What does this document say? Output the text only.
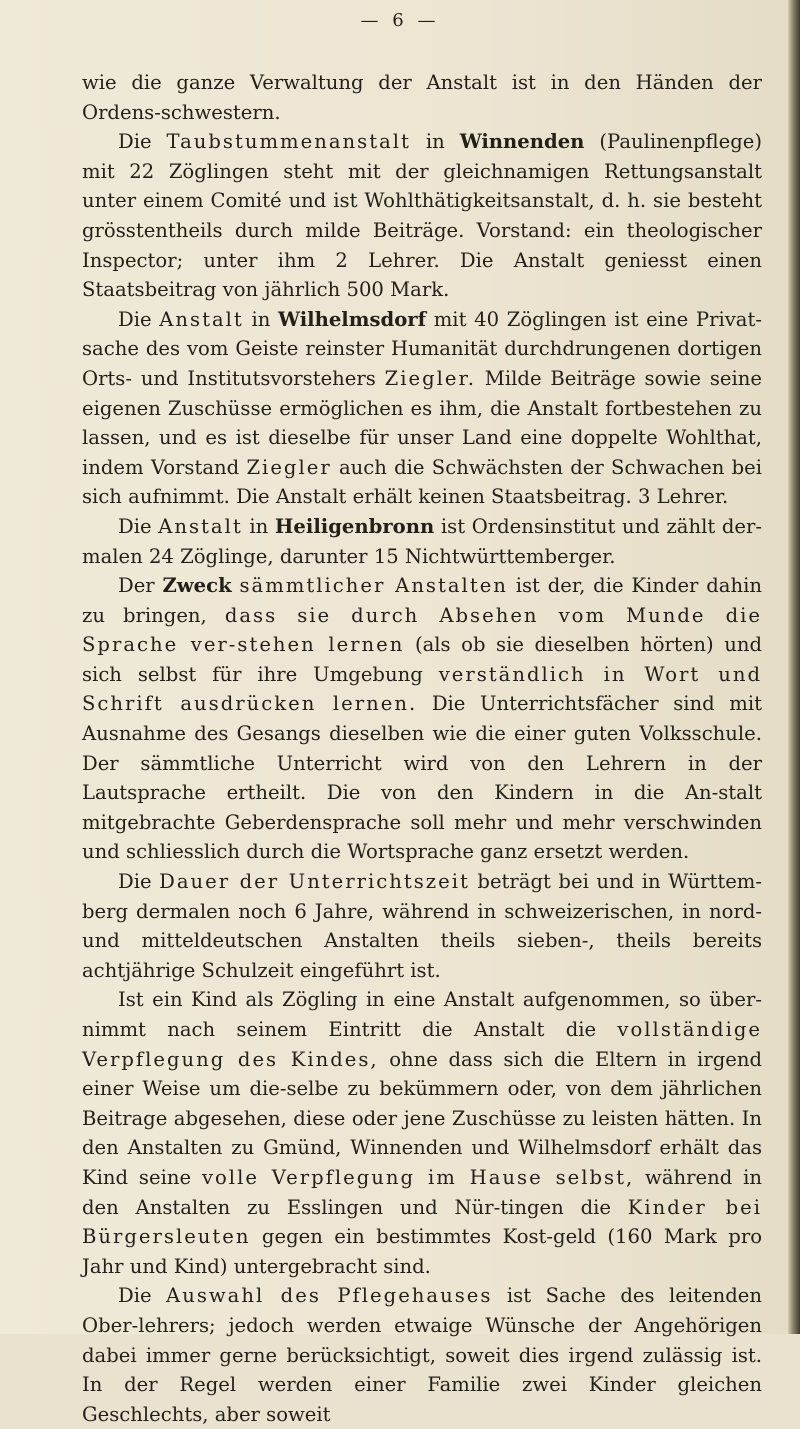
— 6 —

wie die ganze Verwaltung der Anstalt ist in den Händen der Ordens-schwestern.

Die Taubstummenanstalt in Winnenden (Paulinenpflege) mit 22 Zöglingen steht mit der gleichnamigen Rettungsanstalt unter einem Comité und ist Wohlthätigkeitsanstalt, d. h. sie besteht grösstentheils durch milde Beiträge. Vorstand: ein theologischer Inspector; unter ihm 2 Lehrer. Die Anstalt geniesst einen Staatsbeitrag von jährlich 500 Mark.

Die Anstalt in Wilhelmsdorf mit 40 Zöglingen ist eine Privat-sache des vom Geiste reinster Humanität durchdrungenen dortigen Orts- und Institutsvorstehers Ziegler. Milde Beiträge sowie seine eigenen Zuschüsse ermöglichen es ihm, die Anstalt fortbestehen zu lassen, und es ist dieselbe für unser Land eine doppelte Wohlthat, indem Vorstand Ziegler auch die Schwächsten der Schwachen bei sich aufnimmt. Die Anstalt erhält keinen Staatsbeitrag. 3 Lehrer.

Die Anstalt in Heiligenbronn ist Ordensinstitut und zählt der-malen 24 Zöglinge, darunter 15 Nichtwürttemberger.

Der Zweck sämmtlicher Anstalten ist der, die Kinder dahin zu bringen, dass sie durch Absehen vom Munde die Sprache ver-stehen lernen (als ob sie dieselben hörten) und sich selbst für ihre Umgebung verständlich in Wort und Schrift ausdrücken lernen. Die Unterrichtsfächer sind mit Ausnahme des Gesangs dieselben wie die einer guten Volksschule. Der sämmtliche Unterricht wird von den Lehrern in der Lautsprache ertheilt. Die von den Kindern in die An-stalt mitgebrachte Geberdensprache soll mehr und mehr verschwinden und schliesslich durch die Wortsprache ganz ersetzt werden.

Die Dauer der Unterrichtszeit beträgt bei und in Württem-berg dermalen noch 6 Jahre, während in schweizerischen, in nord- und mitteldeutschen Anstalten theils sieben-, theils bereits achtjährige Schulzeit eingeführt ist.

Ist ein Kind als Zögling in eine Anstalt aufgenommen, so über-nimmt nach seinem Eintritt die Anstalt die vollständige Verpflegung des Kindes, ohne dass sich die Eltern in irgend einer Weise um die-selbe zu bekümmern oder, von dem jährlichen Beitrage abgesehen, diese oder jene Zuschüsse zu leisten hätten. In den Anstalten zu Gmünd, Winnenden und Wilhelmsdorf erhält das Kind seine volle Verpflegung im Hause selbst, während in den Anstalten zu Esslingen und Nür-tingen die Kinder bei Bürgersleuten gegen ein bestimmtes Kost-geld (160 Mark pro Jahr und Kind) untergebracht sind.

Die Auswahl des Pflegehauses ist Sache des leitenden Ober-lehrers; jedoch werden etwaige Wünsche der Angehörigen dabei immer gerne berücksichtigt, soweit dies irgend zulässig ist. In der Regel werden einer Familie zwei Kinder gleichen Geschlechts, aber soweit
